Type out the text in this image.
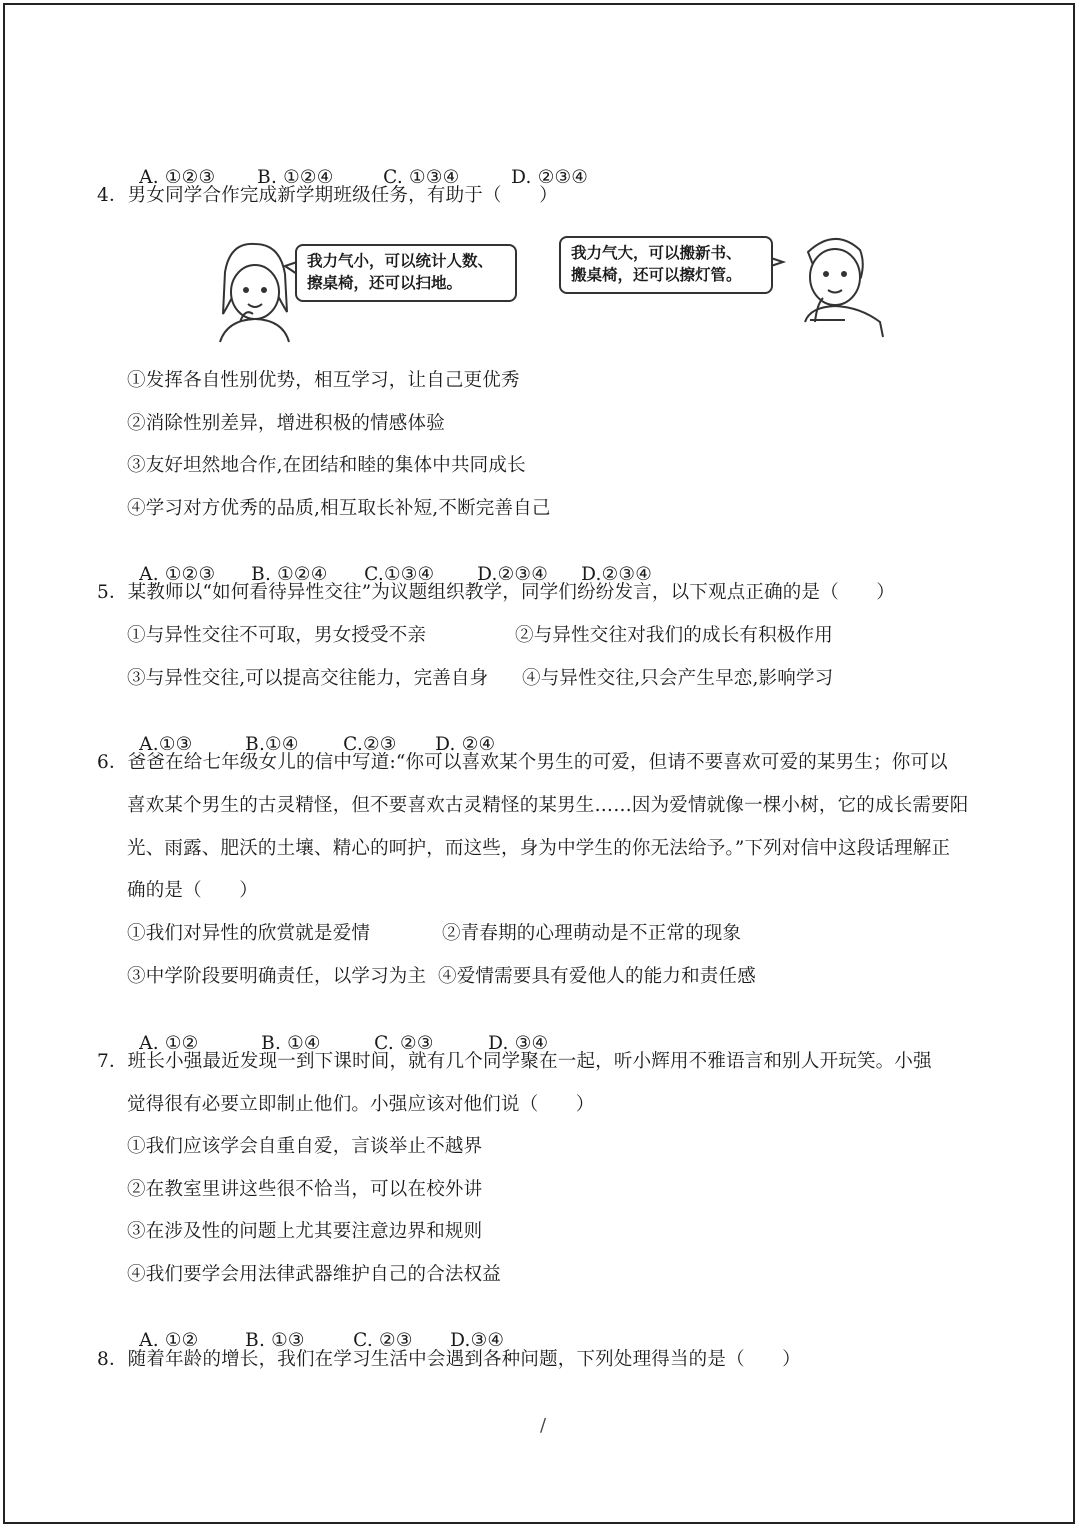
A. ①②③ B. ①②④	C. ①③④	D. ②③④

4．男女同学合作完成新学期班级任务，有助于（　　）
我力气小，可以统计人数、
擦桌椅，还可以扫地。
我力气大，可以搬新书、
搬桌椅，还可以擦灯管。
①发挥各自性别优势，相互学习，让自己更优秀
②消除性别差异，增进积极的情感体验
③友好坦然地合作,在团结和睦的集体中共同成长
④学习对方优秀的品质,相互取长补短,不断完善自己

A. ①②③ B. ①②④ C.①③④ D.②③④ D.②③④

5．某教师以“如何看待异性交往”为议题组织教学，同学们纷纷发言，以下观点正确的是（　　）
①与异性交往不可取，男女授受不亲	②与异性交往对我们的成长有积极作用
③与异性交往,可以提高交往能力，完善自身 ④与异性交往,只会产生早恋,影响学习

A.①③	B.①④ C.②③ D. ②④

6．爸爸在给七年级女儿的信中写道:“你可以喜欢某个男生的可爱，但请不要喜欢可爱的某男生；你可以
喜欢某个男生的古灵精怪，但不要喜欢古灵精怪的某男生……因为爱情就像一棵小树，它的成长需要阳
光、雨露、肥沃的土壤、精心的呵护，而这些，身为中学生的你无法给予。”下列对信中这段话理解正
确的是（　　）
①我们对异性的欣赏就是爱情	②青春期的心理萌动是不正常的现象
③中学阶段要明确责任，以学习为主 ④爱情需要具有爱他人的能力和责任感

A. ①②	B. ①④	C. ②③	D. ③④

7．班长小强最近发现一到下课时间，就有几个同学聚在一起，听小辉用不雅语言和别人开玩笑。小强
觉得很有必要立即制止他们。小强应该对他们说（　　）
①我们应该学会自重自爱，言谈举止不越界
②在教室里讲这些很不恰当，可以在校外讲
③在涉及性的问题上尤其要注意边界和规则
④我们要学会用法律武器维护自己的合法权益

A. ①②	B. ①③	C. ②③ D.③④

8．随着年龄的增长，我们在学习生活中会遇到各种问题，下列处理得当的是（　　）
/
